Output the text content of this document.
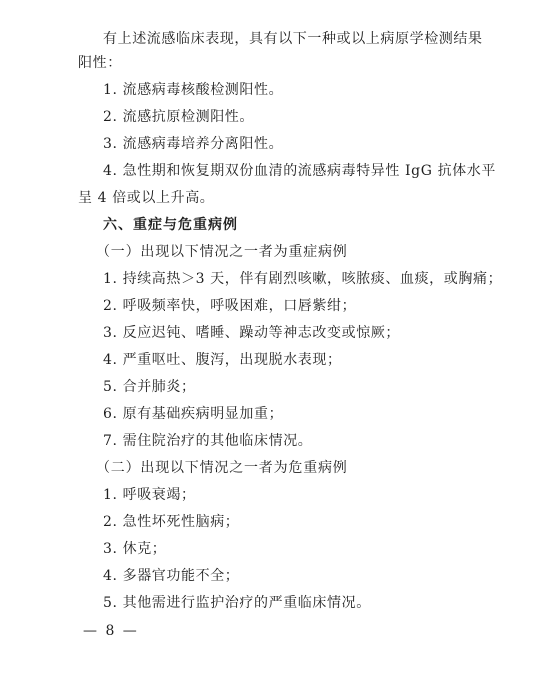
有上述流感临床表现，具有以下一种或以上病原学检测结果
阳性：
1. 流感病毒核酸检测阳性。
2. 流感抗原检测阳性。
3. 流感病毒培养分离阳性。
4. 急性期和恢复期双份血清的流感病毒特异性 IgG 抗体水平
呈 4 倍或以上升高。
六、重症与危重病例
（一）出现以下情况之一者为重症病例
1. 持续高热＞3 天，伴有剧烈咳嗽，咳脓痰、血痰，或胸痛；
2. 呼吸频率快，呼吸困难，口唇紫绀；
3. 反应迟钝、嗜睡、躁动等神志改变或惊厥；
4. 严重呕吐、腹泻，出现脱水表现；
5. 合并肺炎；
6. 原有基础疾病明显加重；
7. 需住院治疗的其他临床情况。
（二）出现以下情况之一者为危重病例
1. 呼吸衰竭；
2. 急性坏死性脑病；
3. 休克；
4. 多器官功能不全；
5. 其他需进行监护治疗的严重临床情况。
— 8 —
